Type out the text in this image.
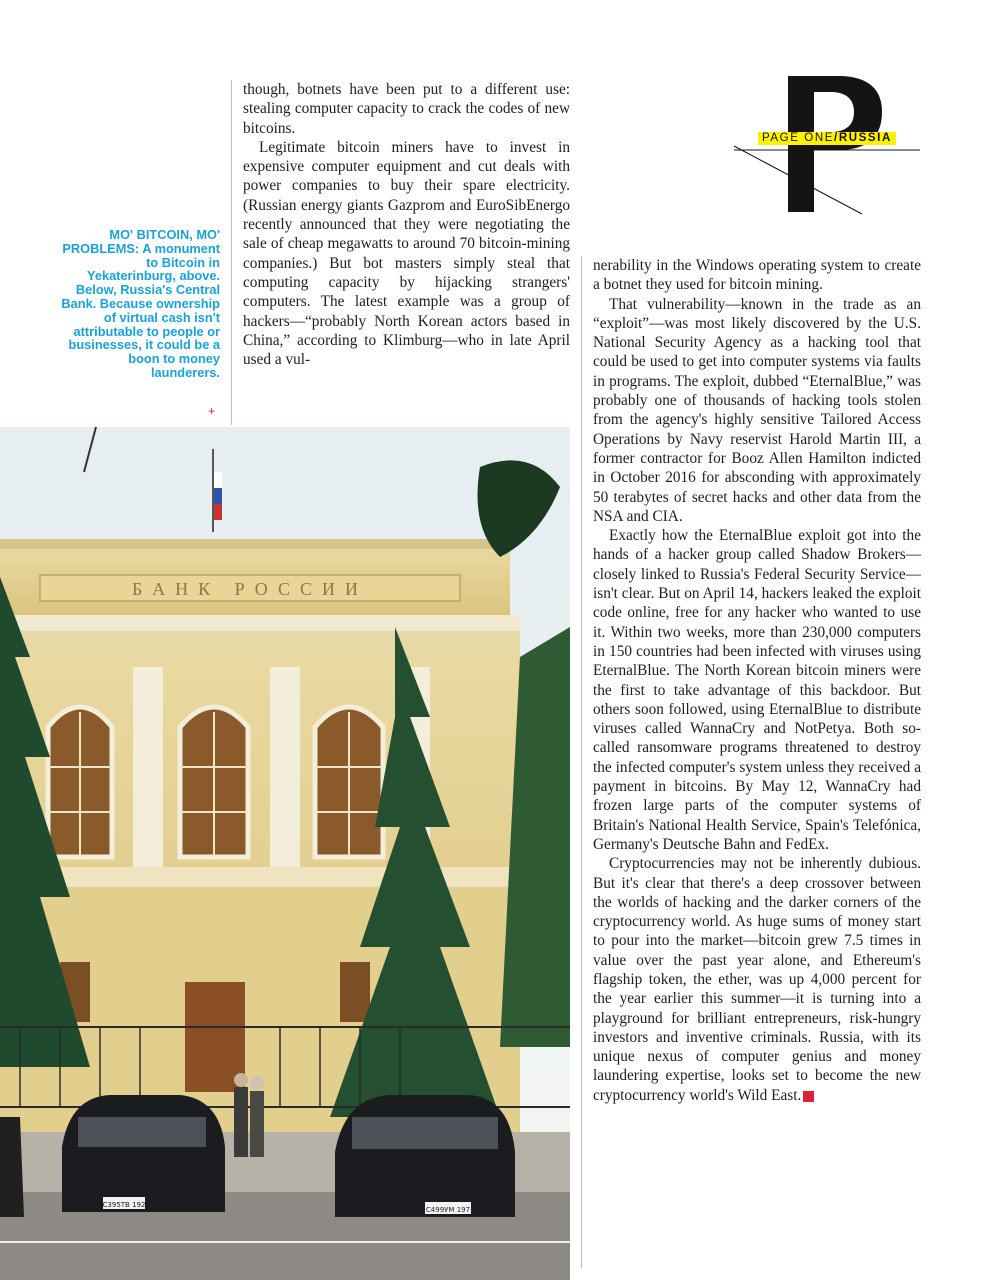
PAGE ONE/RUSSIA
MO' BITCOIN, MO' PROBLEMS: A monument to Bitcoin in Yekaterinburg, above. Below, Russia's Central Bank. Because ownership of virtual cash isn't attributable to people or businesses, it could be a boon to money launderers.
+

though, botnets have been put to a different use: stealing computer capacity to crack the codes of new bitcoins.

Legitimate bitcoin miners have to invest in expensive computer equipment and cut deals with power companies to buy their spare electricity. (Russian energy giants Gazprom and EuroSibEnergo recently announced that they were negotiating the sale of cheap megawatts to around 70 bitcoin-mining companies.) But bot masters simply steal that computing capacity by hijacking strangers' computers. The latest example was a group of hackers—“probably North Korean actors based in China,” according to Klimburg—who in late April used a vul-

nerability in the Windows operating system to create a botnet they used for bitcoin mining.

That vulnerability—known in the trade as an “exploit”—was most likely discovered by the U.S. National Security Agency as a hacking tool that could be used to get into computer systems via faults in programs. The exploit, dubbed “EternalBlue,” was probably one of thousands of hacking tools stolen from the agency's highly sensitive Tailored Access Operations by Navy reservist Harold Martin III, a former contractor for Booz Allen Hamilton indicted in October 2016 for absconding with approximately 50 terabytes of secret hacks and other data from the NSA and CIA.

Exactly how the EternalBlue exploit got into the hands of a hacker group called Shadow Brokers—closely linked to Russia's Federal Security Service—isn't clear. But on April 14, hackers leaked the exploit code online, free for any hacker who wanted to use it. Within two weeks, more than 230,000 computers in 150 countries had been infected with viruses using EternalBlue. The North Korean bitcoin miners were the first to take advantage of this backdoor. But others soon followed, using EternalBlue to distribute viruses called WannaCry and NotPetya. Both so-called ransomware programs threatened to destroy the infected computer's system unless they received a payment in bitcoins. By May 12, WannaCry had frozen large parts of the computer systems of Britain's National Health Service, Spain's Telefónica, Germany's Deutsche Bahn and FedEx.

Cryptocurrencies may not be inherently dubious. But it's clear that there's a deep crossover between the worlds of hacking and the darker corners of the cryptocurrency world. As huge sums of money start to pour into the market—bitcoin grew 7.5 times in value over the past year alone, and Ethereum's flagship token, the ether, was up 4,000 percent for the year earlier this summer—it is turning into a playground for brilliant entrepreneurs, risk-hungry investors and inventive criminals. Russia, with its unique nexus of computer genius and money laundering expertise, looks set to become the new cryptocurrency world's Wild East. N

БАНК РОССИИ
С395ТВ 192
С499УМ 197
